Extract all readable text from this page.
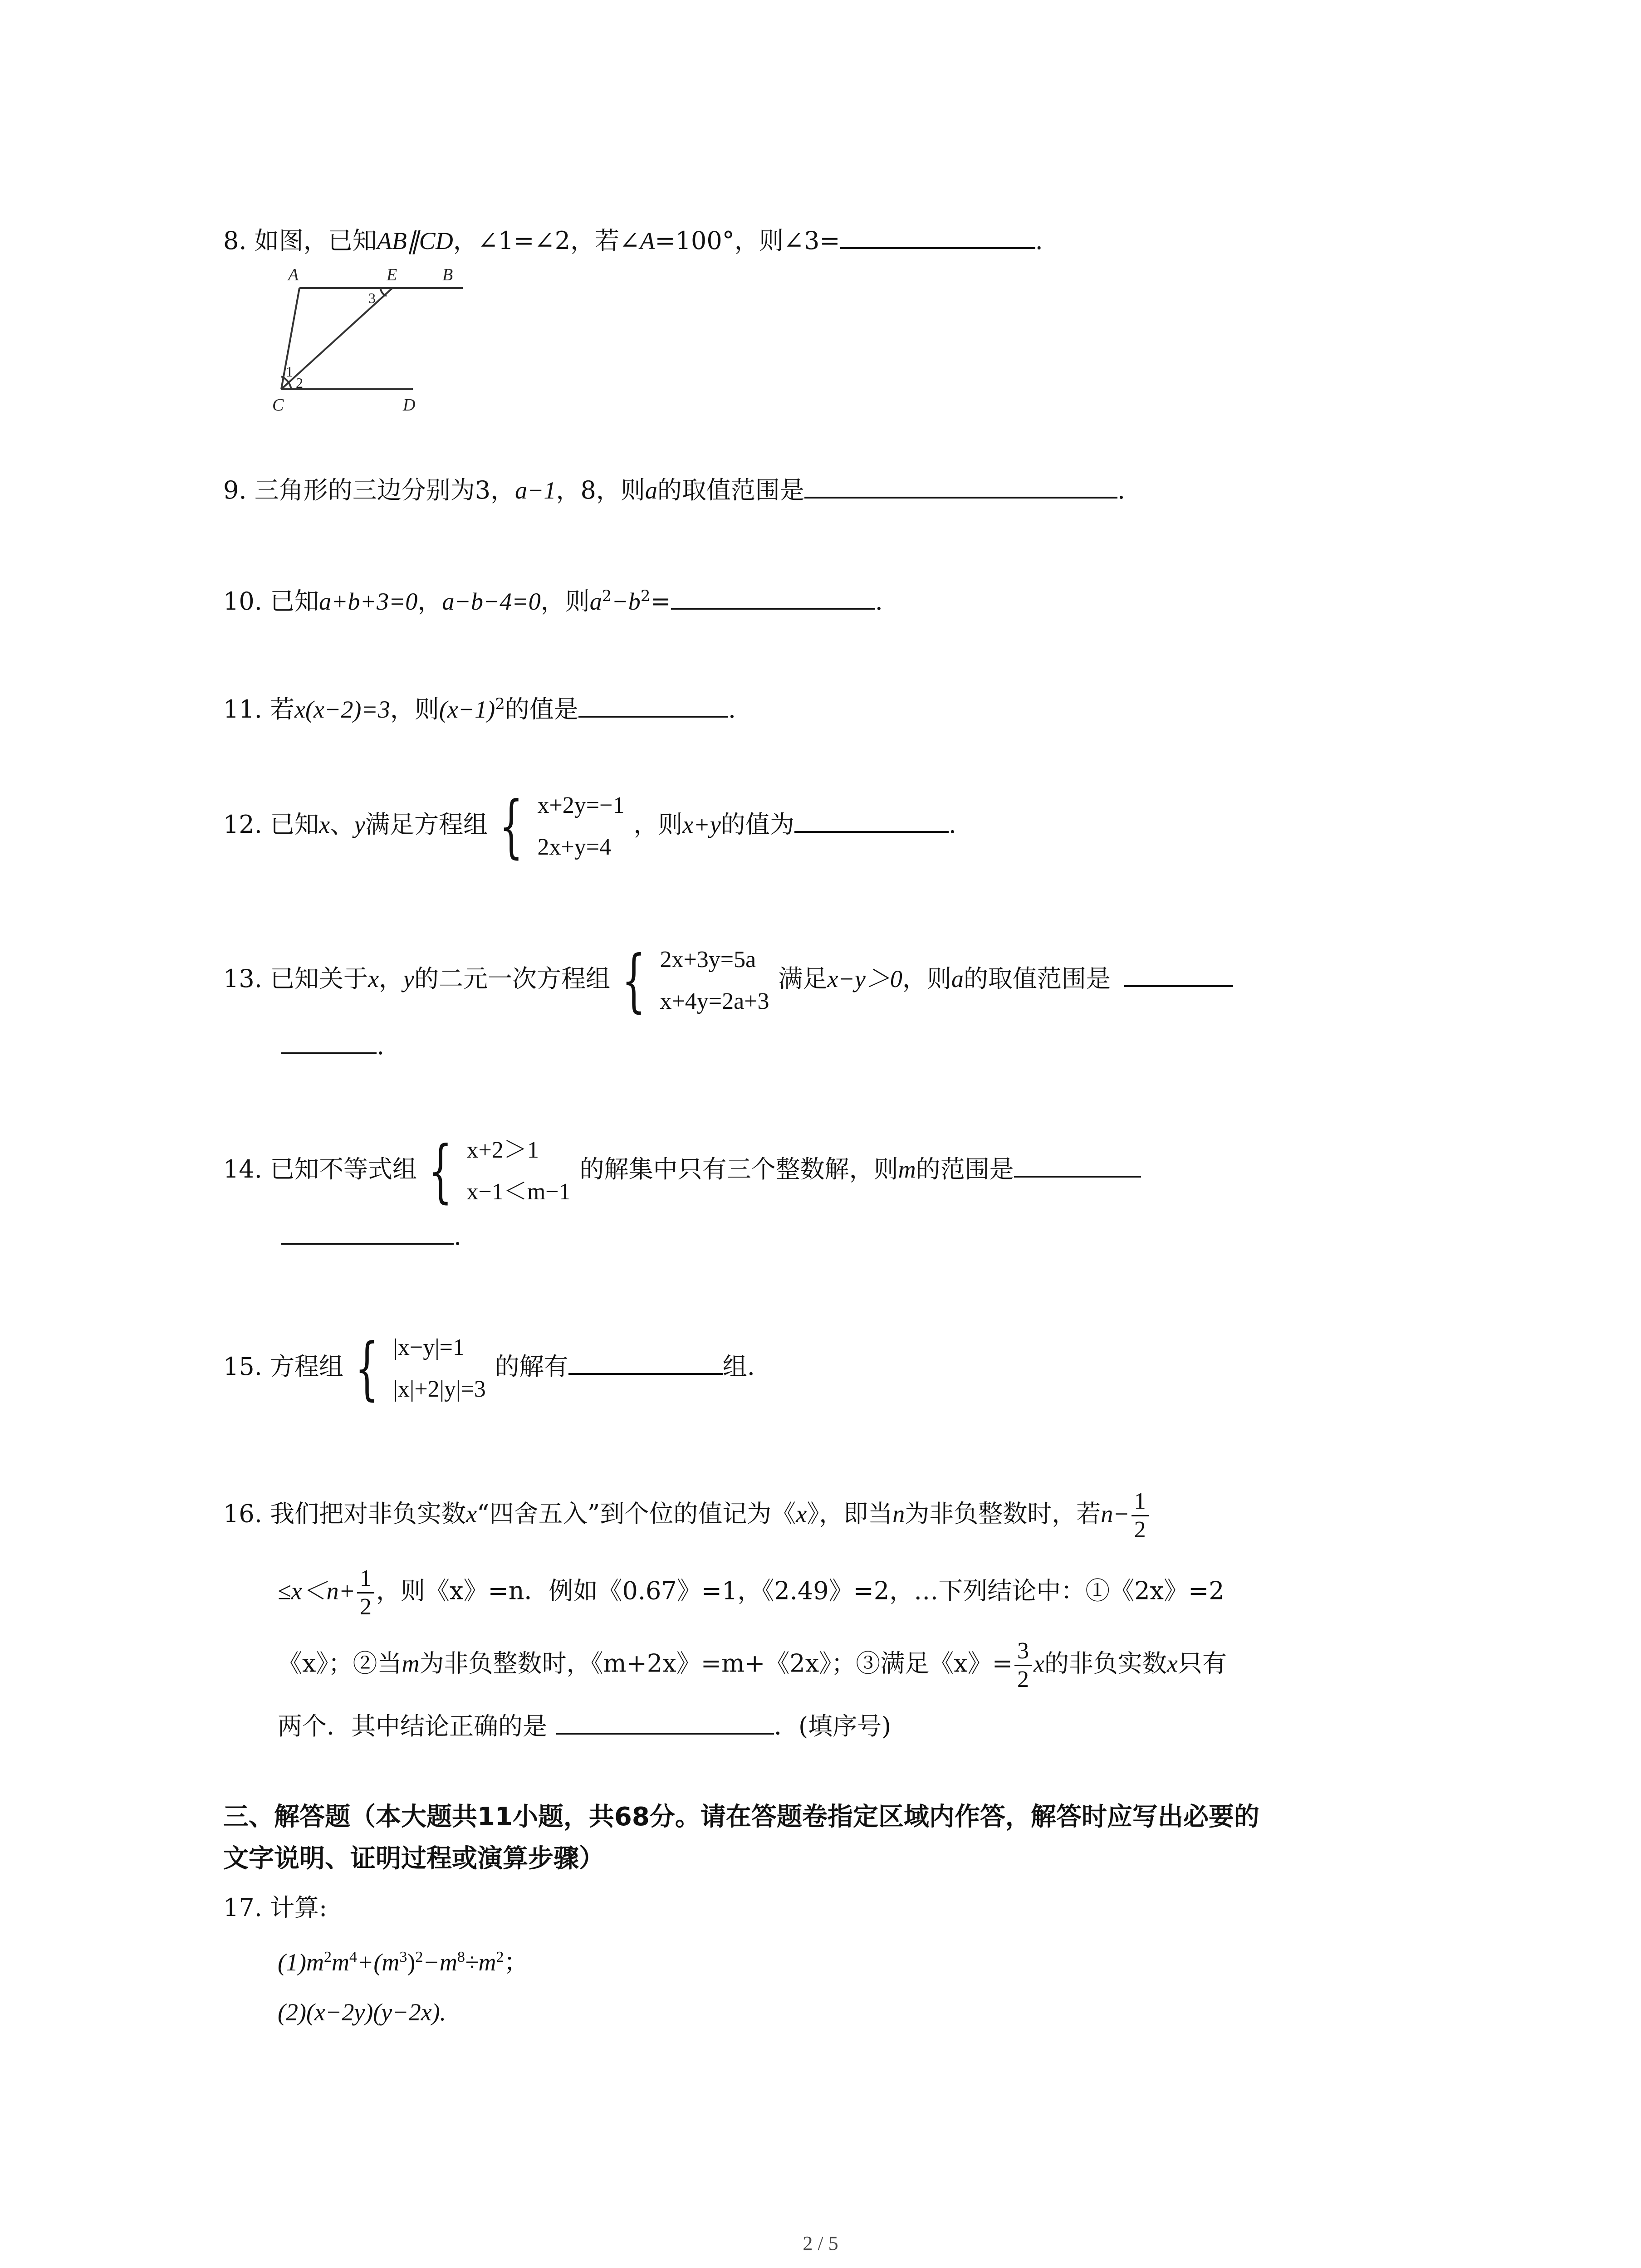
8. 如图，已知AB∥CD，∠1=∠2，若∠A=100°，则∠3=	.
A	E	B
C	D
1
2
3
9. 三角形的三边分别为3，a−1，8，则a的取值范围是	.
10. 已知a+b+3=0，a−b−4=0，则$a^2-b^2=$	.
11. 若x(x−2)=3，则$(x-1)^2$的值是	.
12. 已知x、y满足方程组 { x+2y=−1
2x+y=4，则x+y的值为	.
13. 已知关于x，y的二元一次方程组 { 2x+3y=5a
x+4y=2a+3满足x−y＞0，则a的取值范围是
.
14. 已知不等式组 { x+2＞1
x−1＜m−1的解集中只有三个整数解，则m的范围是
.
15. 方程组 { |x−y|=1
|x|+2|y|=3的解有	组.
16. 我们把对非负实数x“四舍五入”到个位的值记为《x》，即当n为非负整数时，若$n- \frac{1}{2}$
$\le x<n+ \frac{1}{2}$ ，则《x》=n．例如《0.67》=1，《2.49》=2，…下列结论中：①《2x》=2
《x》；②当m为非负整数时，《m+2x》=m+《2x》；③满足《x》= $\frac{3}{2}$ x的非负实数x只有
两个．其中结论正确的是	．(填序号)
三、解答题（本大题共11小题，共68分。请在答题卷指定区域内作答，解答时应写出必要的
文字说明、证明过程或演算步骤）
17. 计算:
$(1)m^2m^4+(m^3)^2-m^8\div m^2$；
(2)(x−2y)(y−2x).
2 / 5
